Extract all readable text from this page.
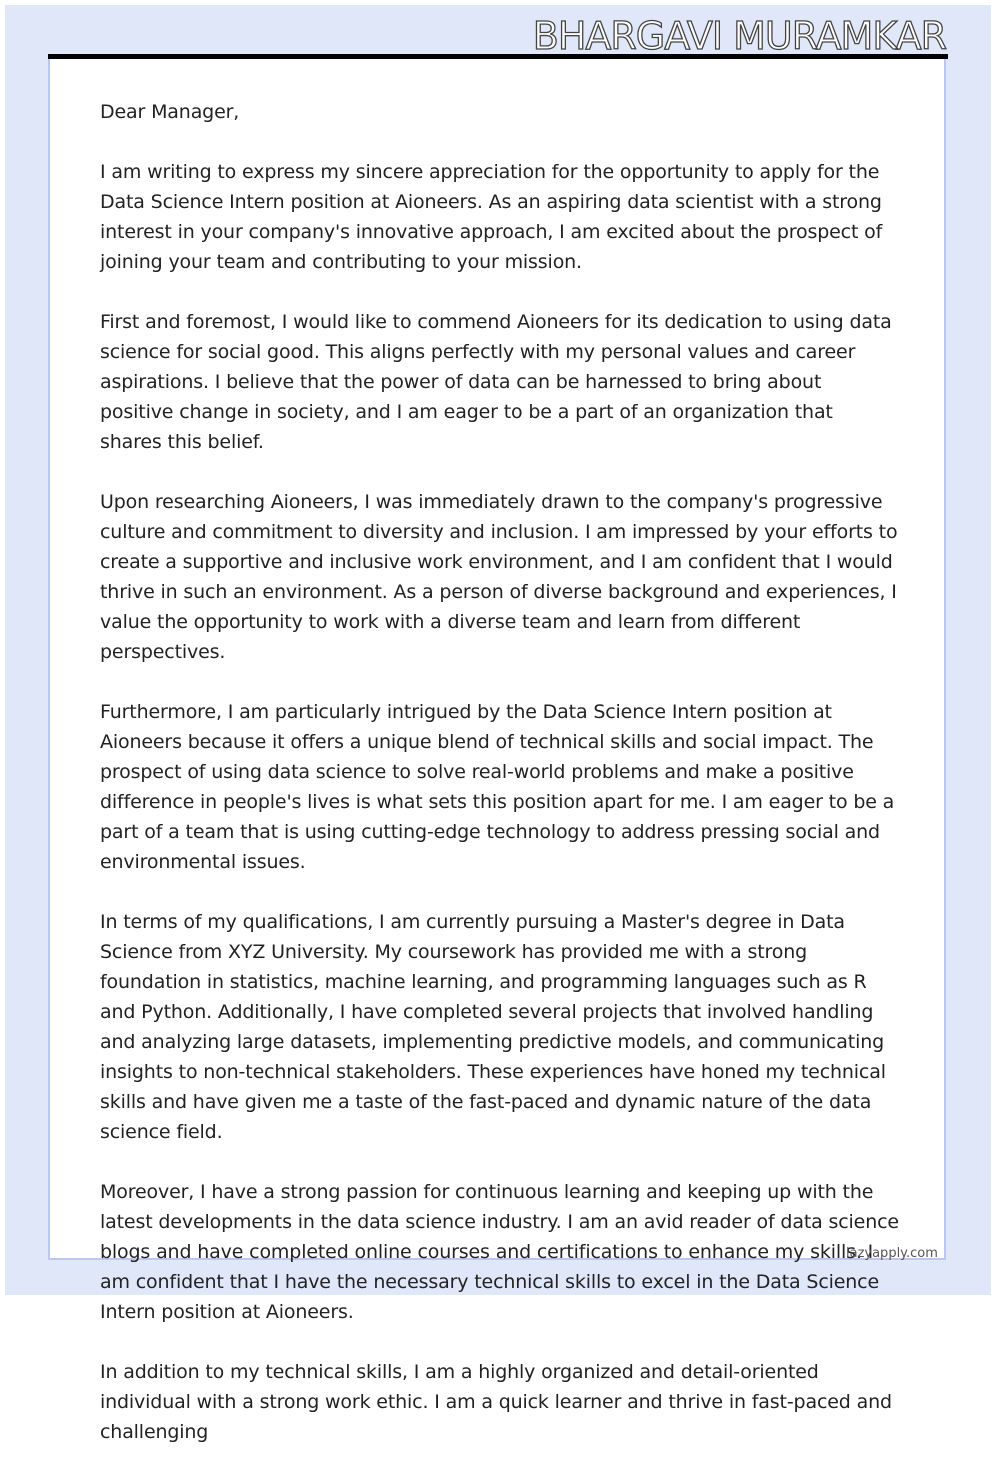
BHARGAVI MURAMKAR

Dear Manager,

I am writing to express my sincere appreciation for the opportunity to apply for the Data Science Intern position at Aioneers. As an aspiring data scientist with a strong interest in your company's innovative approach, I am excited about the prospect of joining your team and contributing to your mission.

First and foremost, I would like to commend Aioneers for its dedication to using data science for social good. This aligns perfectly with my personal values and career aspirations. I believe that the power of data can be harnessed to bring about positive change in society, and I am eager to be a part of an organization that shares this belief.

Upon researching Aioneers, I was immediately drawn to the company's progressive culture and commitment to diversity and inclusion. I am impressed by your efforts to create a supportive and inclusive work environment, and I am confident that I would thrive in such an environment. As a person of diverse background and experiences, I value the opportunity to work with a diverse team and learn from different perspectives.

Furthermore, I am particularly intrigued by the Data Science Intern position at Aioneers because it offers a unique blend of technical skills and social impact. The prospect of using data science to solve real-world problems and make a positive difference in people's lives is what sets this position apart for me. I am eager to be a part of a team that is using cutting-edge technology to address pressing social and environmental issues.

In terms of my qualifications, I am currently pursuing a Master's degree in Data Science from XYZ University. My coursework has provided me with a strong foundation in statistics, machine learning, and programming languages such as R and Python. Additionally, I have completed several projects that involved handling and analyzing large datasets, implementing predictive models, and communicating insights to non-technical stakeholders. These experiences have honed my technical skills and have given me a taste of the fast-paced and dynamic nature of the data science field.

Moreover, I have a strong passion for continuous learning and keeping up with the latest developments in the data science industry. I am an avid reader of data science blogs and have completed online courses and certifications to enhance my skills. I am confident that I have the necessary technical skills to excel in the Data Science Intern position at Aioneers.

In addition to my technical skills, I am a highly organized and detail-oriented individual with a strong work ethic. I am a quick learner and thrive in fast-paced and challenging

lazyapply.com
